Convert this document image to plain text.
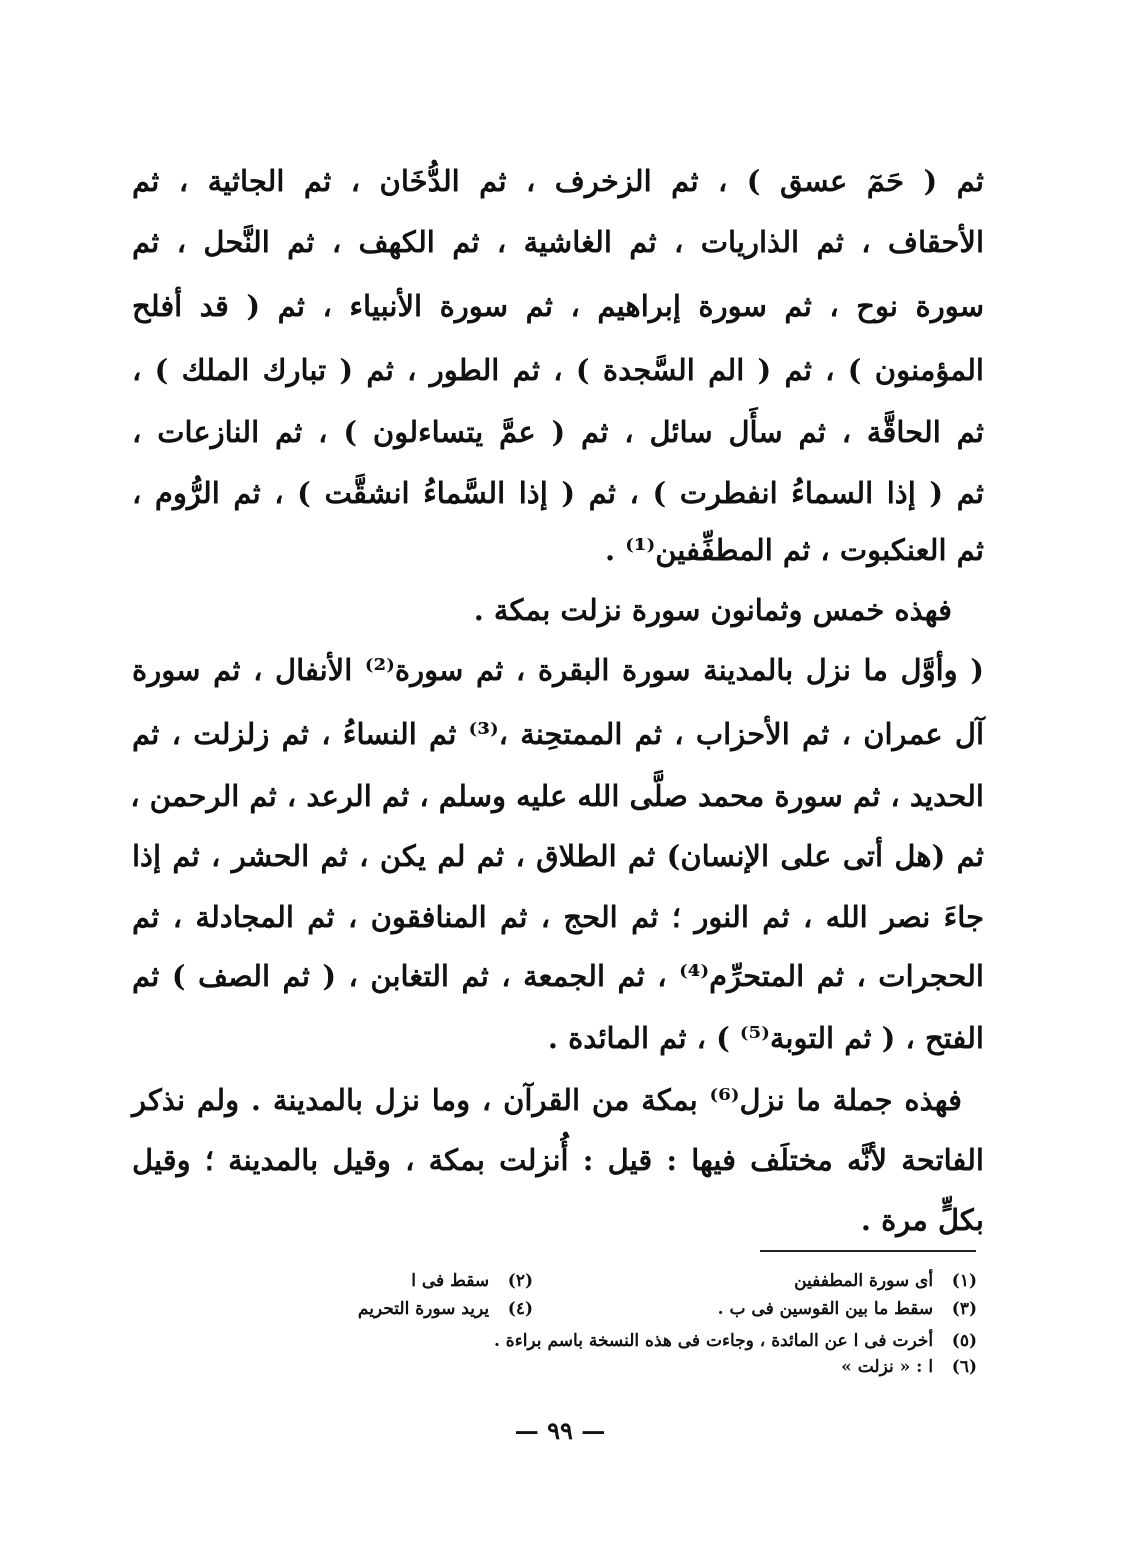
ثم ( حَمٓ عسق ) ، ثم الزخرف ، ثم الدُّخَان ، ثم الجاثية ، ثم
الأحقاف ، ثم الذاريات ، ثم الغاشية ، ثم الكهف ، ثم النَّحل ، ثم
سورة نوح ، ثم سورة إبراهيم ، ثم سورة الأنبياء ، ثم ( قد أفلح
المؤمنون ) ، ثم ( الم السَّجدة ) ، ثم الطور ، ثم ( تبارك الملك ) ،
ثم الحاقَّة ، ثم سأَل سائل ، ثم ( عمَّ يتساءلون ) ، ثم النازعات ،
ثم ( إذا السماءُ انفطرت ) ، ثم ( إذا السَّماءُ انشقَّت ) ، ثم الرُّوم ،
ثم العنكبوت ، ثم المطفِّفين⁽¹⁾ .
فهذه خمس وثمانون سورة نزلت بمكة .
( وأوَّل ما نزل بالمدينة سورة البقرة ، ثم سورة⁽²⁾ الأنفال ، ثم سورة
آل عمران ، ثم الأحزاب ، ثم الممتحِنة ،⁽³⁾ ثم النساءُ ، ثم زلزلت ، ثم
الحديد ، ثم سورة محمد صلَّى الله عليه وسلم ، ثم الرعد ، ثم الرحمن ،
ثم (هل أتى على الإنسان) ثم الطلاق ، ثم لم يكن ، ثم الحشر ، ثم إذا
جاءَ نصر الله ، ثم النور ؛ ثم الحج ، ثم المنافقون ، ثم المجادلة ، ثم
الحجرات ، ثم المتحرِّم⁽⁴⁾ ، ثم الجمعة ، ثم التغابن ، ( ثم الصف ) ثم
الفتح ، ( ثم التوبة⁽⁵⁾ ) ، ثم المائدة .
فهذه جملة ما نزل⁽⁶⁾ بمكة من القرآن ، وما نزل بالمدينة . ولم نذكر
الفاتحة لأنَّه مختلَف فيها : قيل : أُنزلت بمكة ، وقيل بالمدينة ؛ وقيل
بكلٍّ مرة .
(١) أى سورة المطففين
(٢) سقط فى ا
(٣) سقط ما بين القوسين فى ب .
(٤) يريد سورة التحريم
(٥) أخرت فى ا عن المائدة ، وجاءت فى هذه النسخة باسم براءة .
(٦) ا : « نزلت »
— ٩٩ —
